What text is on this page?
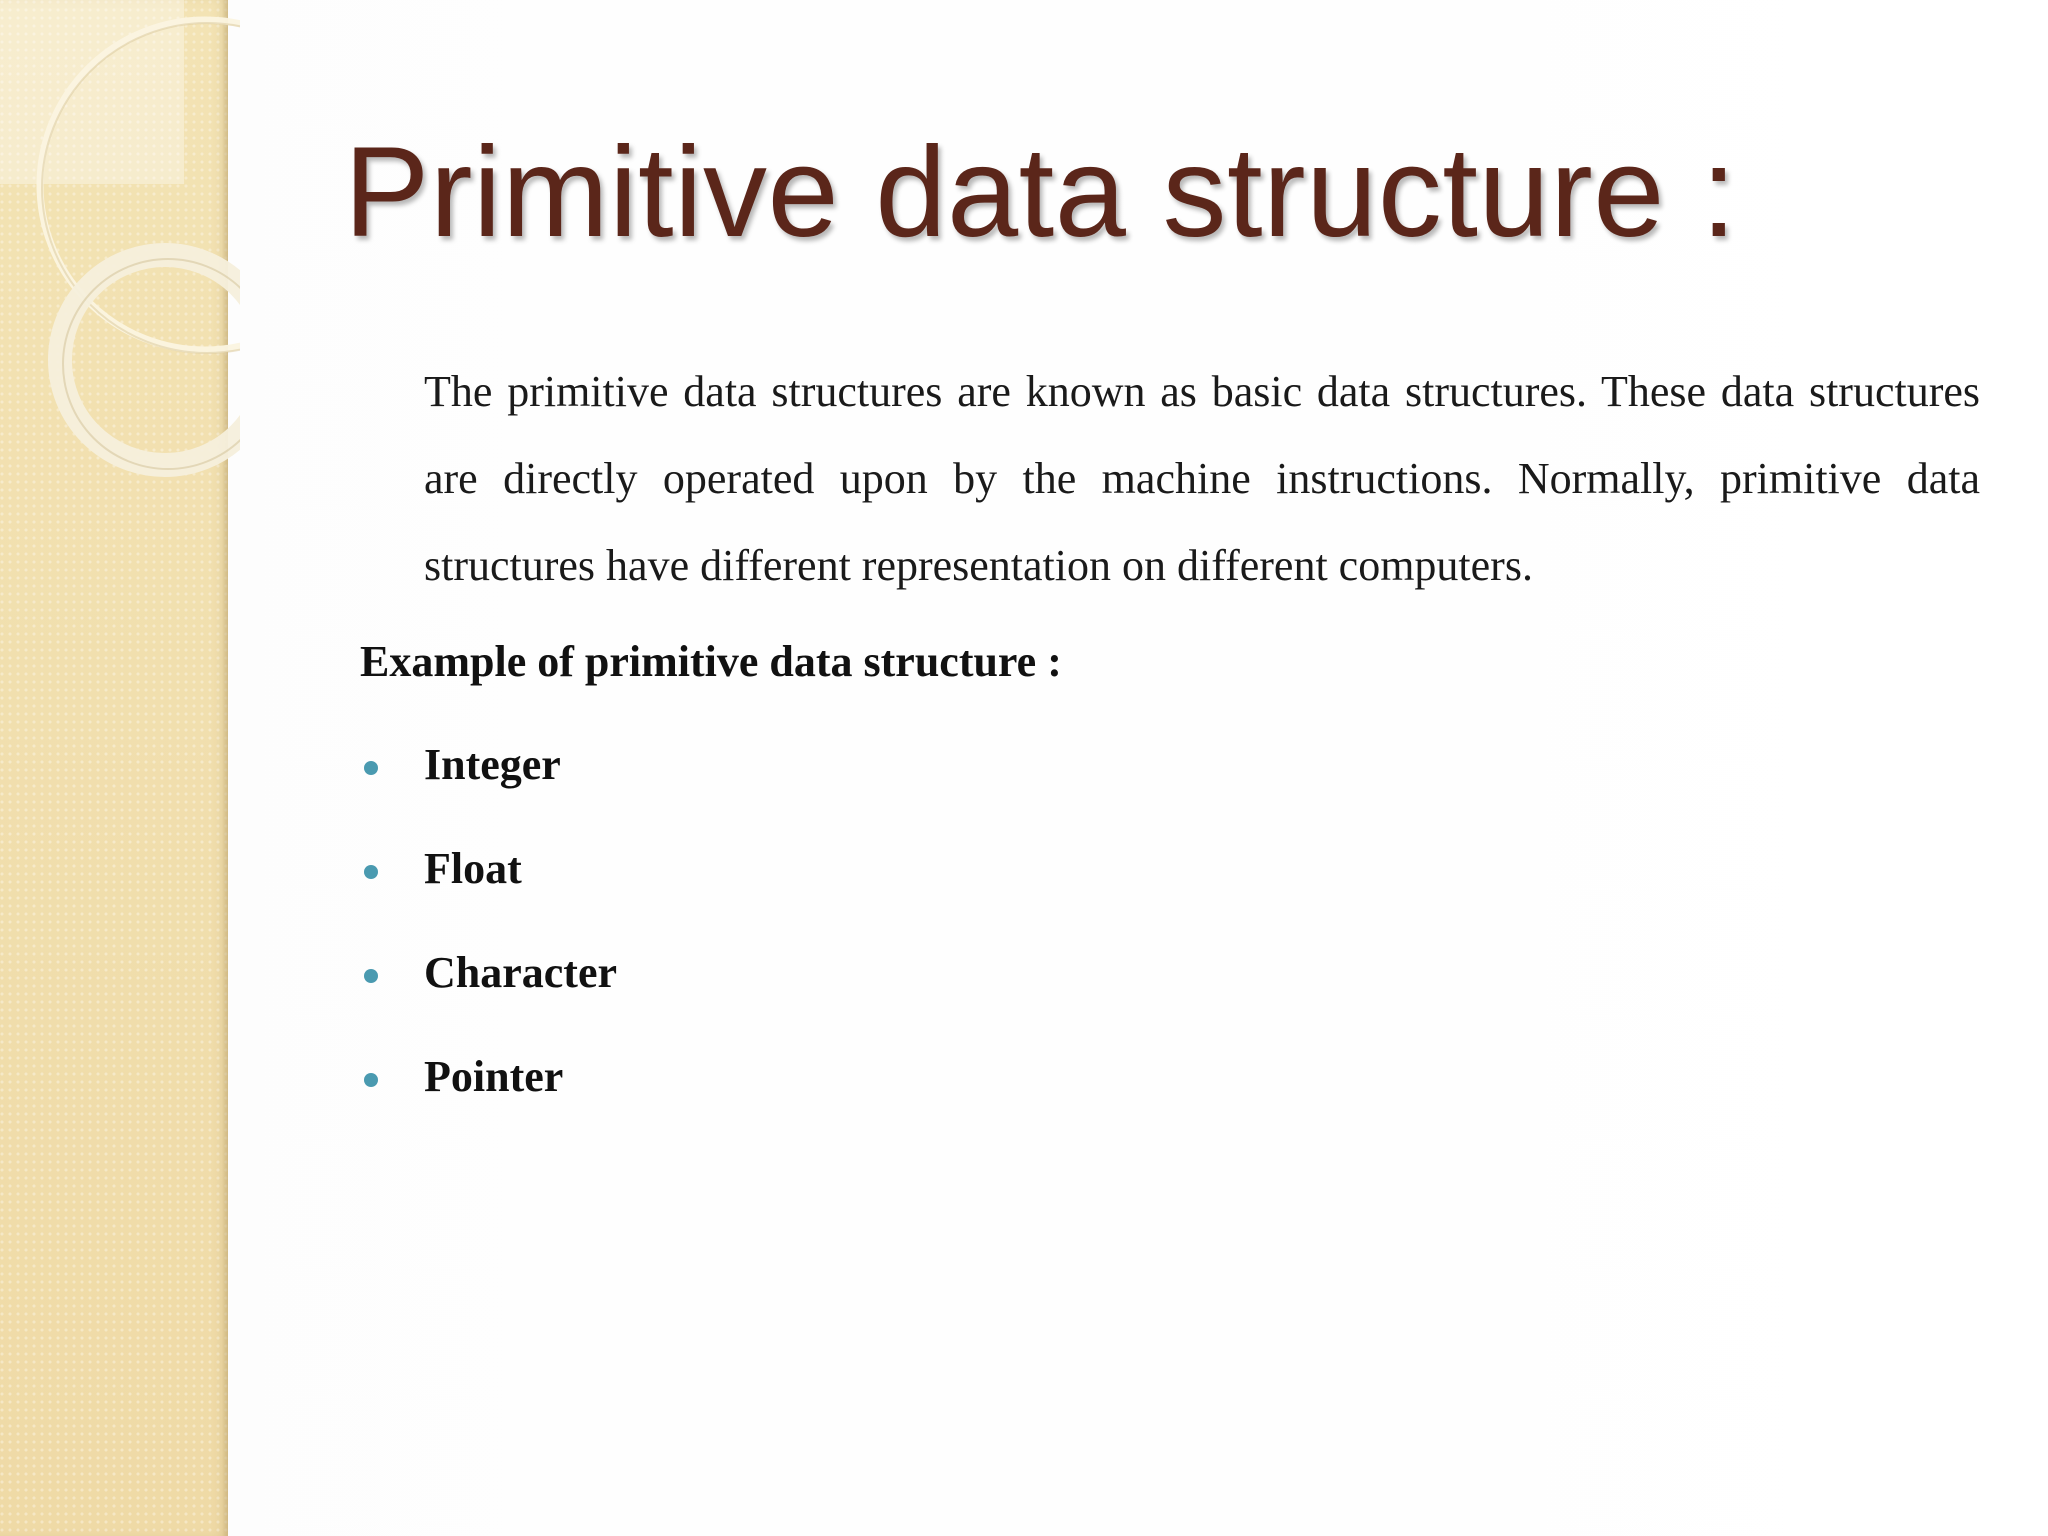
Primitive data structure :

The primitive data structures are known as basic data structures. These data structures are directly operated upon by the machine instructions. Normally, primitive data structures have different representation on different computers.

Example of primitive data structure :

Integer
Float
Character
Pointer
